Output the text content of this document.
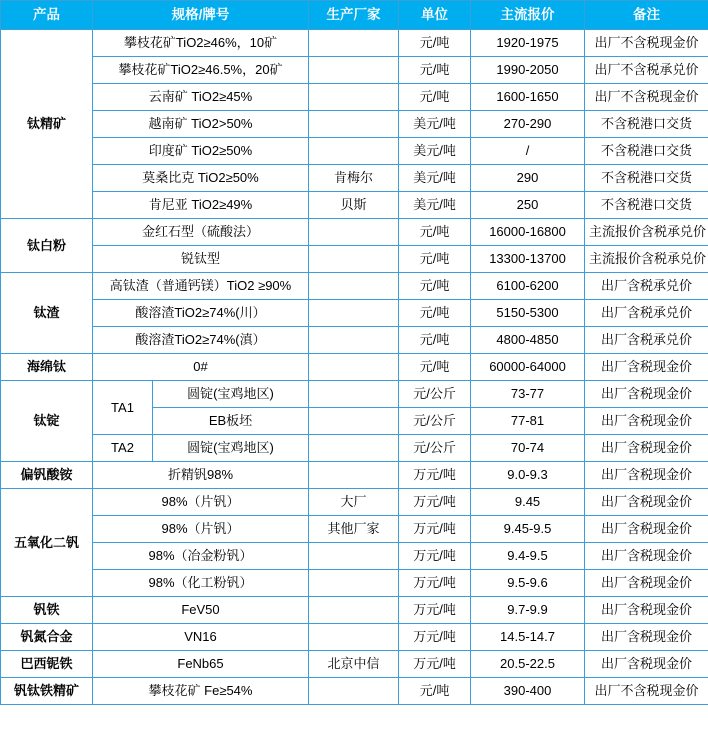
产品	规格/牌号		生产厂家	单位	主流报价	备注
钛精矿	攀枝花矿TiO2≥46%，10矿			元/吨	1920-1975	出厂不含税现金价
	攀枝花矿TiO2≥46.5%，20矿			元/吨	1990-2050	出厂不含税承兑价
	云南矿 TiO2≥45%			元/吨	1600-1650	出厂不含税现金价
	越南矿 TiO2>50%			美元/吨	270-290	不含税港口交货
	印度矿 TiO2≥50%			美元/吨	/	不含税港口交货
	莫桑比克 TiO2≥50%		肯梅尔	美元/吨	290	不含税港口交货
	肯尼亚 TiO2≥49%		贝斯	美元/吨	250	不含税港口交货
钛白粉	金红石型（硫酸法）			元/吨	16000-16800	主流报价含税承兑价
	锐钛型			元/吨	13300-13700	主流报价含税承兑价
钛渣	高钛渣（普通钙镁）TiO2 ≥90%			元/吨	6100-6200	出厂含税承兑价
	酸溶渣TiO2≥74%(川）			元/吨	5150-5300	出厂含税承兑价
	酸溶渣TiO2≥74%(滇）			元/吨	4800-4850	出厂含税承兑价
海绵钛	0#			元/吨	60000-64000	出厂含税现金价
钛锭	TA1	圆锭(宝鸡地区)		元/公斤	73-77	出厂含税现金价
		EB板坯		元/公斤	77-81	出厂含税现金价
	TA2	圆锭(宝鸡地区)		元/公斤	70-74	出厂含税现金价
偏钒酸铵	折精钒98%			万元/吨	9.0-9.3	出厂含税现金价
五氧化二钒	98%（片钒）		大厂	万元/吨	9.45	出厂含税现金价
	98%（片钒）		其他厂家	万元/吨	9.45-9.5	出厂含税现金价
	98%（冶金粉钒）			万元/吨	9.4-9.5	出厂含税现金价
	98%（化工粉钒）			万元/吨	9.5-9.6	出厂含税现金价
钒铁	FeV50			万元/吨	9.7-9.9	出厂含税现金价
钒氮合金	VN16			万元/吨	14.5-14.7	出厂含税现金价
巴西铌铁	FeNb65		北京中信	万元/吨	20.5-22.5	出厂含税现金价
钒钛铁精矿	攀枝花矿 Fe≥54%			元/吨	390-400	出厂不含税现金价
